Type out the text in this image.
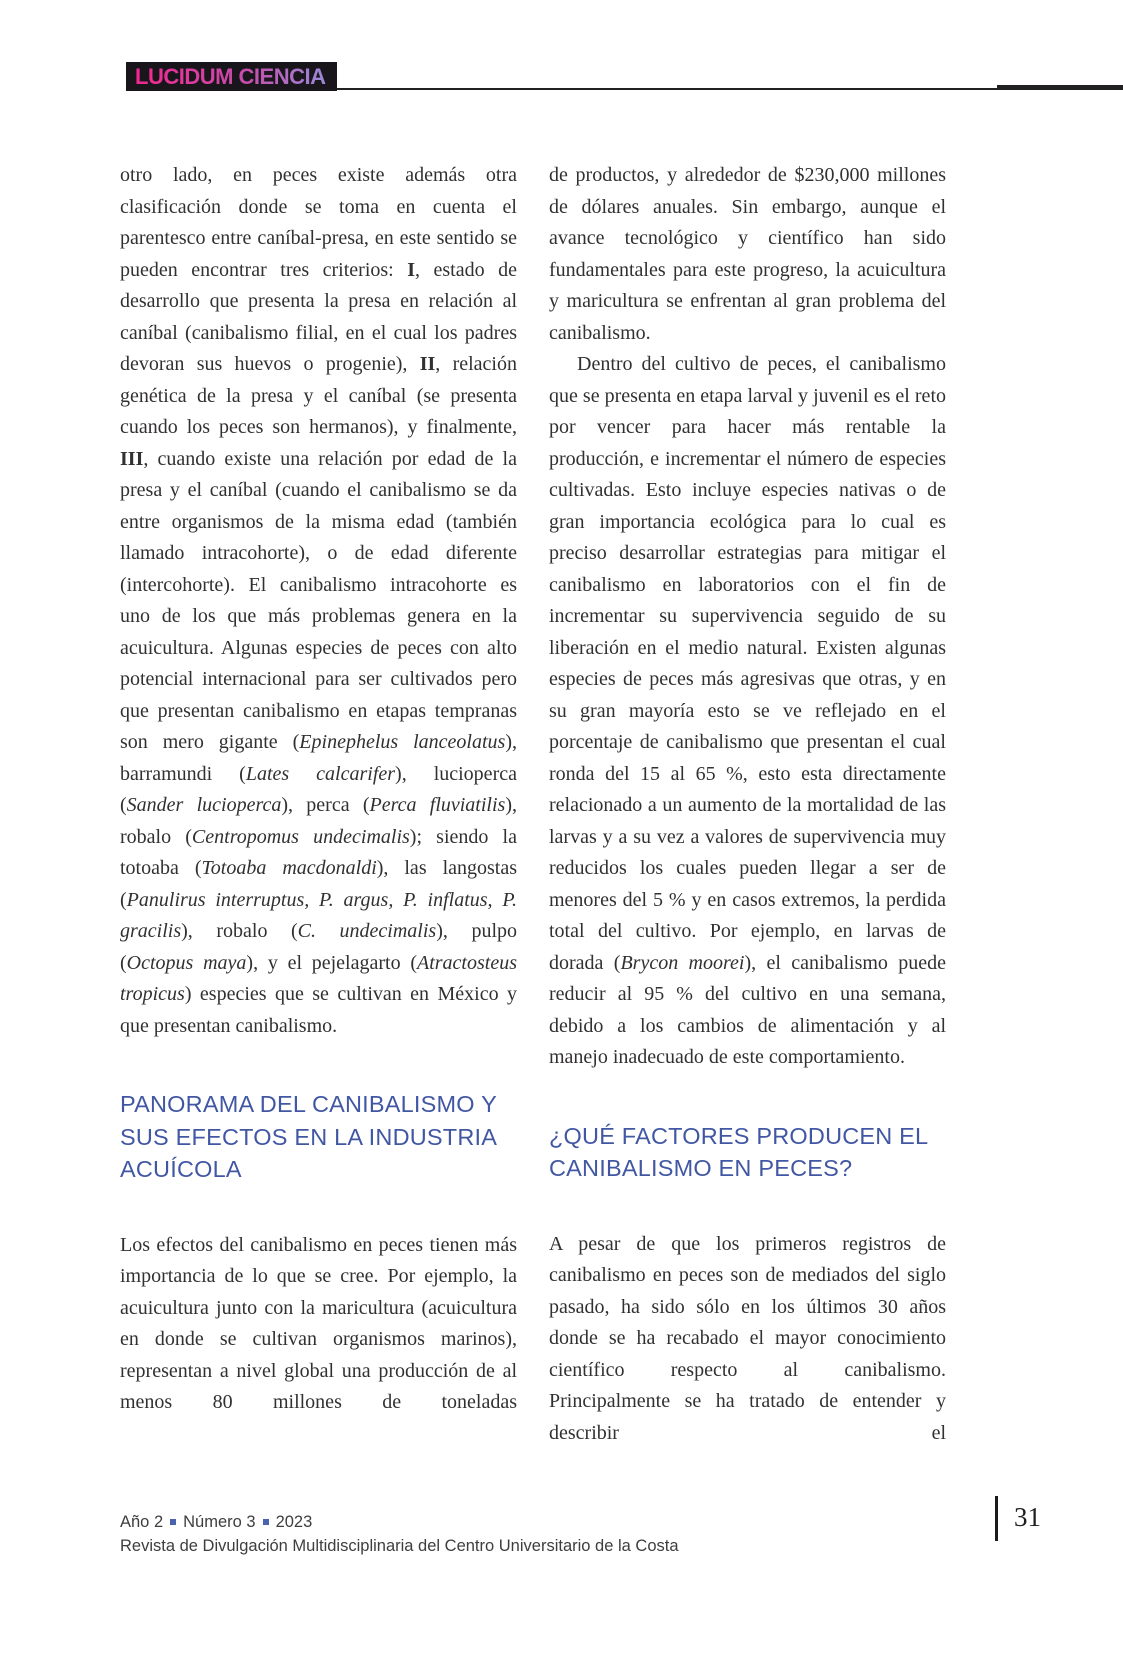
LUCIDUM CIENCIA

otro lado, en peces existe además otra clasificación donde se toma en cuenta el parentesco entre caníbal-presa, en este sentido se pueden encontrar tres criterios: I, estado de desarrollo que presenta la presa en relación al caníbal (canibalismo filial, en el cual los padres devoran sus huevos o progenie), II, relación genética de la presa y el caníbal (se presenta cuando los peces son hermanos), y finalmente, III, cuando existe una relación por edad de la presa y el caníbal (cuando el canibalismo se da entre organismos de la misma edad (también llamado intracohorte), o de edad diferente (intercohorte). El canibalismo intracohorte es uno de los que más problemas genera en la acuicultura. Algunas especies de peces con alto potencial internacional para ser cultivados pero que presentan canibalismo en etapas tempranas son mero gigante (Epinephelus lanceolatus), barramundi (Lates calcarifer), lucioperca (Sander lucioperca), perca (Perca fluviatilis), robalo (Centropomus undecimalis); siendo la totoaba (Totoaba macdonaldi), las langostas (Panulirus interruptus, P. argus, P. inflatus, P. gracilis), robalo (C. undecimalis), pulpo (Octopus maya), y el pejelagarto (Atractosteus tropicus) especies que se cultivan en México y que presentan canibalismo.

PANORAMA DEL CANIBALISMO Y SUS EFECTOS EN LA INDUSTRIA ACUÍCOLA

Los efectos del canibalismo en peces tienen más importancia de lo que se cree. Por ejemplo, la acuicultura junto con la maricultura (acuicultura en donde se cultivan organismos marinos), representan a nivel global una producción de al menos 80 millones de toneladas

de productos, y alrededor de $230,000 millones de dólares anuales. Sin embargo, aunque el avance tecnológico y científico han sido fundamentales para este progreso, la acuicultura y maricultura se enfrentan al gran problema del canibalismo.

Dentro del cultivo de peces, el canibalismo que se presenta en etapa larval y juvenil es el reto por vencer para hacer más rentable la producción, e incrementar el número de especies cultivadas. Esto incluye especies nativas o de gran importancia ecológica para lo cual es preciso desarrollar estrategias para mitigar el canibalismo en laboratorios con el fin de incrementar su supervivencia seguido de su liberación en el medio natural. Existen algunas especies de peces más agresivas que otras, y en su gran mayoría esto se ve reflejado en el porcentaje de canibalismo que presentan el cual ronda del 15 al 65 %, esto esta directamente relacionado a un aumento de la mortalidad de las larvas y a su vez a valores de supervivencia muy reducidos los cuales pueden llegar a ser de menores del 5 % y en casos extremos, la perdida total del cultivo. Por ejemplo, en larvas de dorada (Brycon moorei), el canibalismo puede reducir al 95 % del cultivo en una semana, debido a los cambios de alimentación y al manejo inadecuado de este comportamiento.

¿QUÉ FACTORES PRODUCEN EL CANIBALISMO EN PECES?

A pesar de que los primeros registros de canibalismo en peces son de mediados del siglo pasado, ha sido sólo en los últimos 30 años donde se ha recabado el mayor conocimiento científico respecto al canibalismo. Principalmente se ha tratado de entender y describir el

Año 2 Número 3 2023
Revista de Divulgación Multidisciplinaria del Centro Universitario de la Costa
31
